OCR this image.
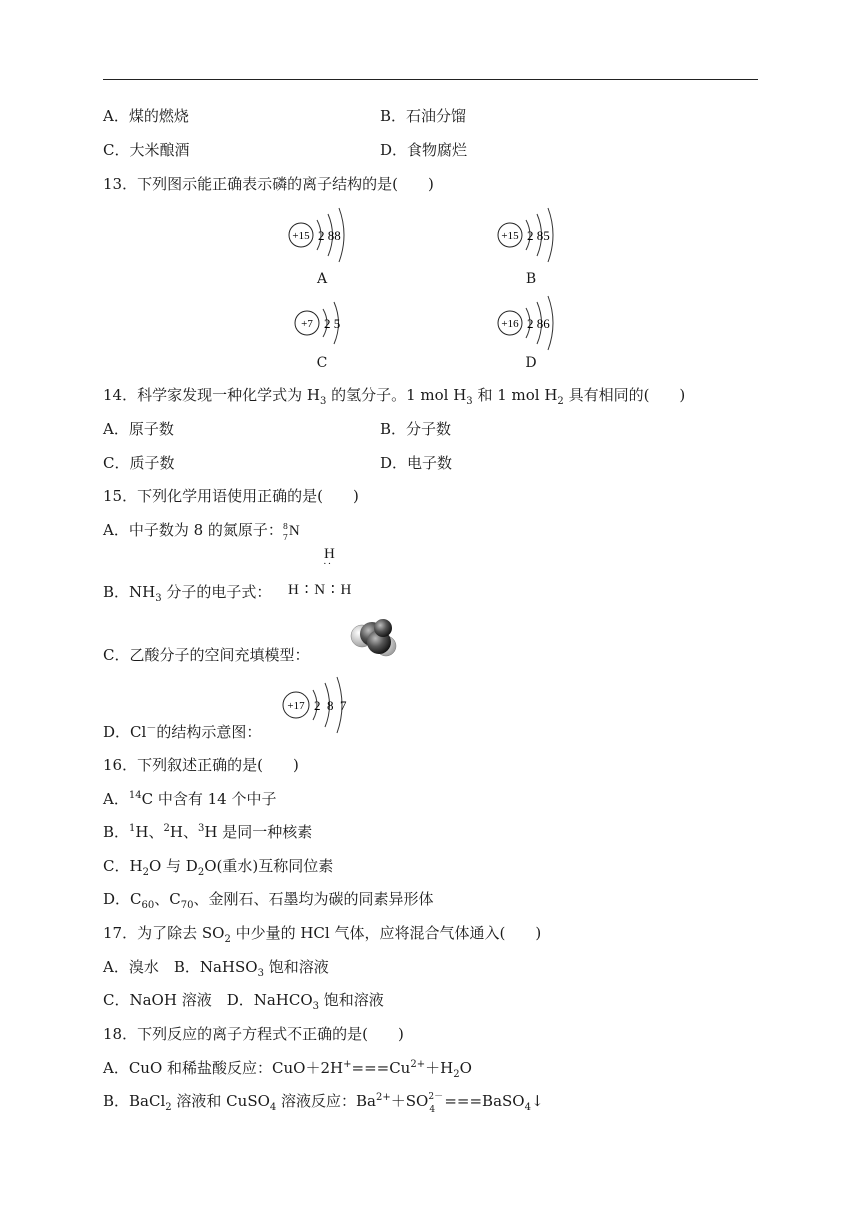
A．煤的燃烧	B．石油分馏
C．大米酿酒	D．食物腐烂
13．下列图示能正确表示磷的离子结构的是(　　)
+15 2 88
A
+15 2 85
B
+7 2 5
C
+16 2 86
D
14．科学家发现一种化学式为 $H_3$ 的氢分子。1 mol $H_3$ 和 1 mol $H_2$ 具有相同的(　　)
A．原子数	B．分子数
C．质子数	D．电子数
15．下列化学用语使用正确的是(　　)
A．中子数为 8 的氮原子： 8
7 N
B．$NH_3$ 分子的电子式：
H
··
H ∶ N ∶ H
C．乙酸分子的空间充填模型：
D．Cl－的结构示意图：
+17 2  8  7
16．下列叙述正确的是(　　)
A．$^{14}$C 中含有 14 个中子
B．$^1$H、$^2$H、$^3$H 是同一种核素
C．$H_2O$ 与 $D_2O$(重水)互称同位素
D．$C_{60}$、$C_{70}$、金刚石、石墨均为碳的同素异形体
17．为了除去 $SO_2$ 中少量的 HCl 气体，应将混合气体通入(　　)
A．溴水　B．NaHSO$_3$ 饱和溶液
C．NaOH 溶液　D．NaHCO$_3$ 饱和溶液
18．下列反应的离子方程式不正确的是(　　)
A．CuO 和稀盐酸反应：$CuO+2H^+===Cu^{2+}+H_2O$
B．BaCl$_2$ 溶液和 CuSO$_4$ 溶液反应：$Ba^{2+}+SO$ 2－
4 ===BaSO$_4$↓
